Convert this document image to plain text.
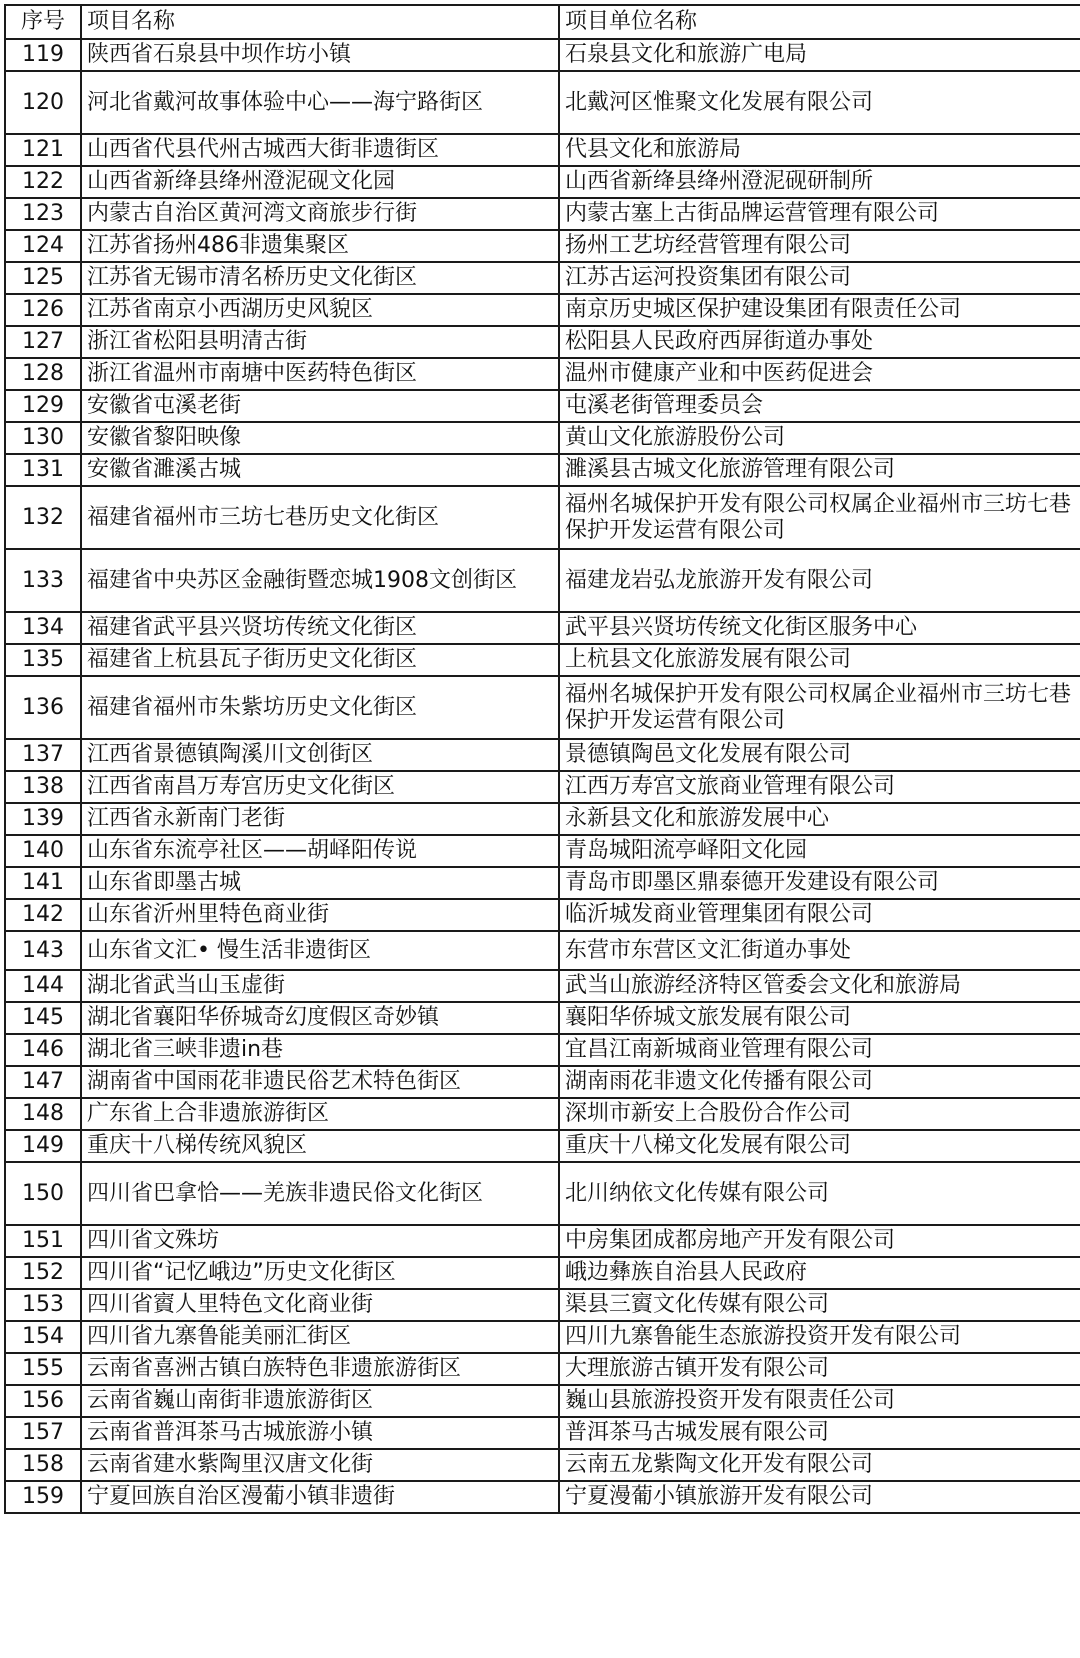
序号	项目名称	项目单位名称
119	陕西省石泉县中坝作坊小镇	石泉县文化和旅游广电局
120	河北省戴河故事体验中心——海宁路街区	北戴河区惟聚文化发展有限公司
121	山西省代县代州古城西大街非遗街区	代县文化和旅游局
122	山西省新绛县绛州澄泥砚文化园	山西省新绛县绛州澄泥砚研制所
123	内蒙古自治区黄河湾文商旅步行街	内蒙古塞上古街品牌运营管理有限公司
124	江苏省扬州486非遗集聚区	扬州工艺坊经营管理有限公司
125	江苏省无锡市清名桥历史文化街区	江苏古运河投资集团有限公司
126	江苏省南京小西湖历史风貌区	南京历史城区保护建设集团有限责任公司
127	浙江省松阳县明清古街	松阳县人民政府西屏街道办事处
128	浙江省温州市南塘中医药特色街区	温州市健康产业和中医药促进会
129	安徽省屯溪老街	屯溪老街管理委员会
130	安徽省黎阳映像	黄山文化旅游股份公司
131	安徽省濉溪古城	濉溪县古城文化旅游管理有限公司
132	福建省福州市三坊七巷历史文化街区	福州名城保护开发有限公司权属企业福州市三坊七巷保护开发运营有限公司
133	福建省中央苏区金融街暨恋城1908文创街区	福建龙岩弘龙旅游开发有限公司
134	福建省武平县兴贤坊传统文化街区	武平县兴贤坊传统文化街区服务中心
135	福建省上杭县瓦子街历史文化街区	上杭县文化旅游发展有限公司
136	福建省福州市朱紫坊历史文化街区	福州名城保护开发有限公司权属企业福州市三坊七巷保护开发运营有限公司
137	江西省景德镇陶溪川文创街区	景德镇陶邑文化发展有限公司
138	江西省南昌万寿宫历史文化街区	江西万寿宫文旅商业管理有限公司
139	江西省永新南门老街	永新县文化和旅游发展中心
140	山东省东流亭社区——胡峄阳传说	青岛城阳流亭峄阳文化园
141	山东省即墨古城	青岛市即墨区鼎泰德开发建设有限公司
142	山东省沂州里特色商业街	临沂城发商业管理集团有限公司
143	山东省文汇• 慢生活非遗街区	东营市东营区文汇街道办事处
144	湖北省武当山玉虚街	武当山旅游经济特区管委会文化和旅游局
145	湖北省襄阳华侨城奇幻度假区奇妙镇	襄阳华侨城文旅发展有限公司
146	湖北省三峡非遗in巷	宜昌江南新城商业管理有限公司
147	湖南省中国雨花非遗民俗艺术特色街区	湖南雨花非遗文化传播有限公司
148	广东省上合非遗旅游街区	深圳市新安上合股份合作公司
149	重庆十八梯传统风貌区	重庆十八梯文化发展有限公司
150	四川省巴拿恰——羌族非遗民俗文化街区	北川纳依文化传媒有限公司
151	四川省文殊坊	中房集团成都房地产开发有限公司
152	四川省“记忆峨边”历史文化街区	峨边彝族自治县人民政府
153	四川省賨人里特色文化商业街	渠县三賨文化传媒有限公司
154	四川省九寨鲁能美丽汇街区	四川九寨鲁能生态旅游投资开发有限公司
155	云南省喜洲古镇白族特色非遗旅游街区	大理旅游古镇开发有限公司
156	云南省巍山南街非遗旅游街区	巍山县旅游投资开发有限责任公司
157	云南省普洱茶马古城旅游小镇	普洱茶马古城发展有限公司
158	云南省建水紫陶里汉唐文化街	云南五龙紫陶文化开发有限公司
159	宁夏回族自治区漫葡小镇非遗街	宁夏漫葡小镇旅游开发有限公司
